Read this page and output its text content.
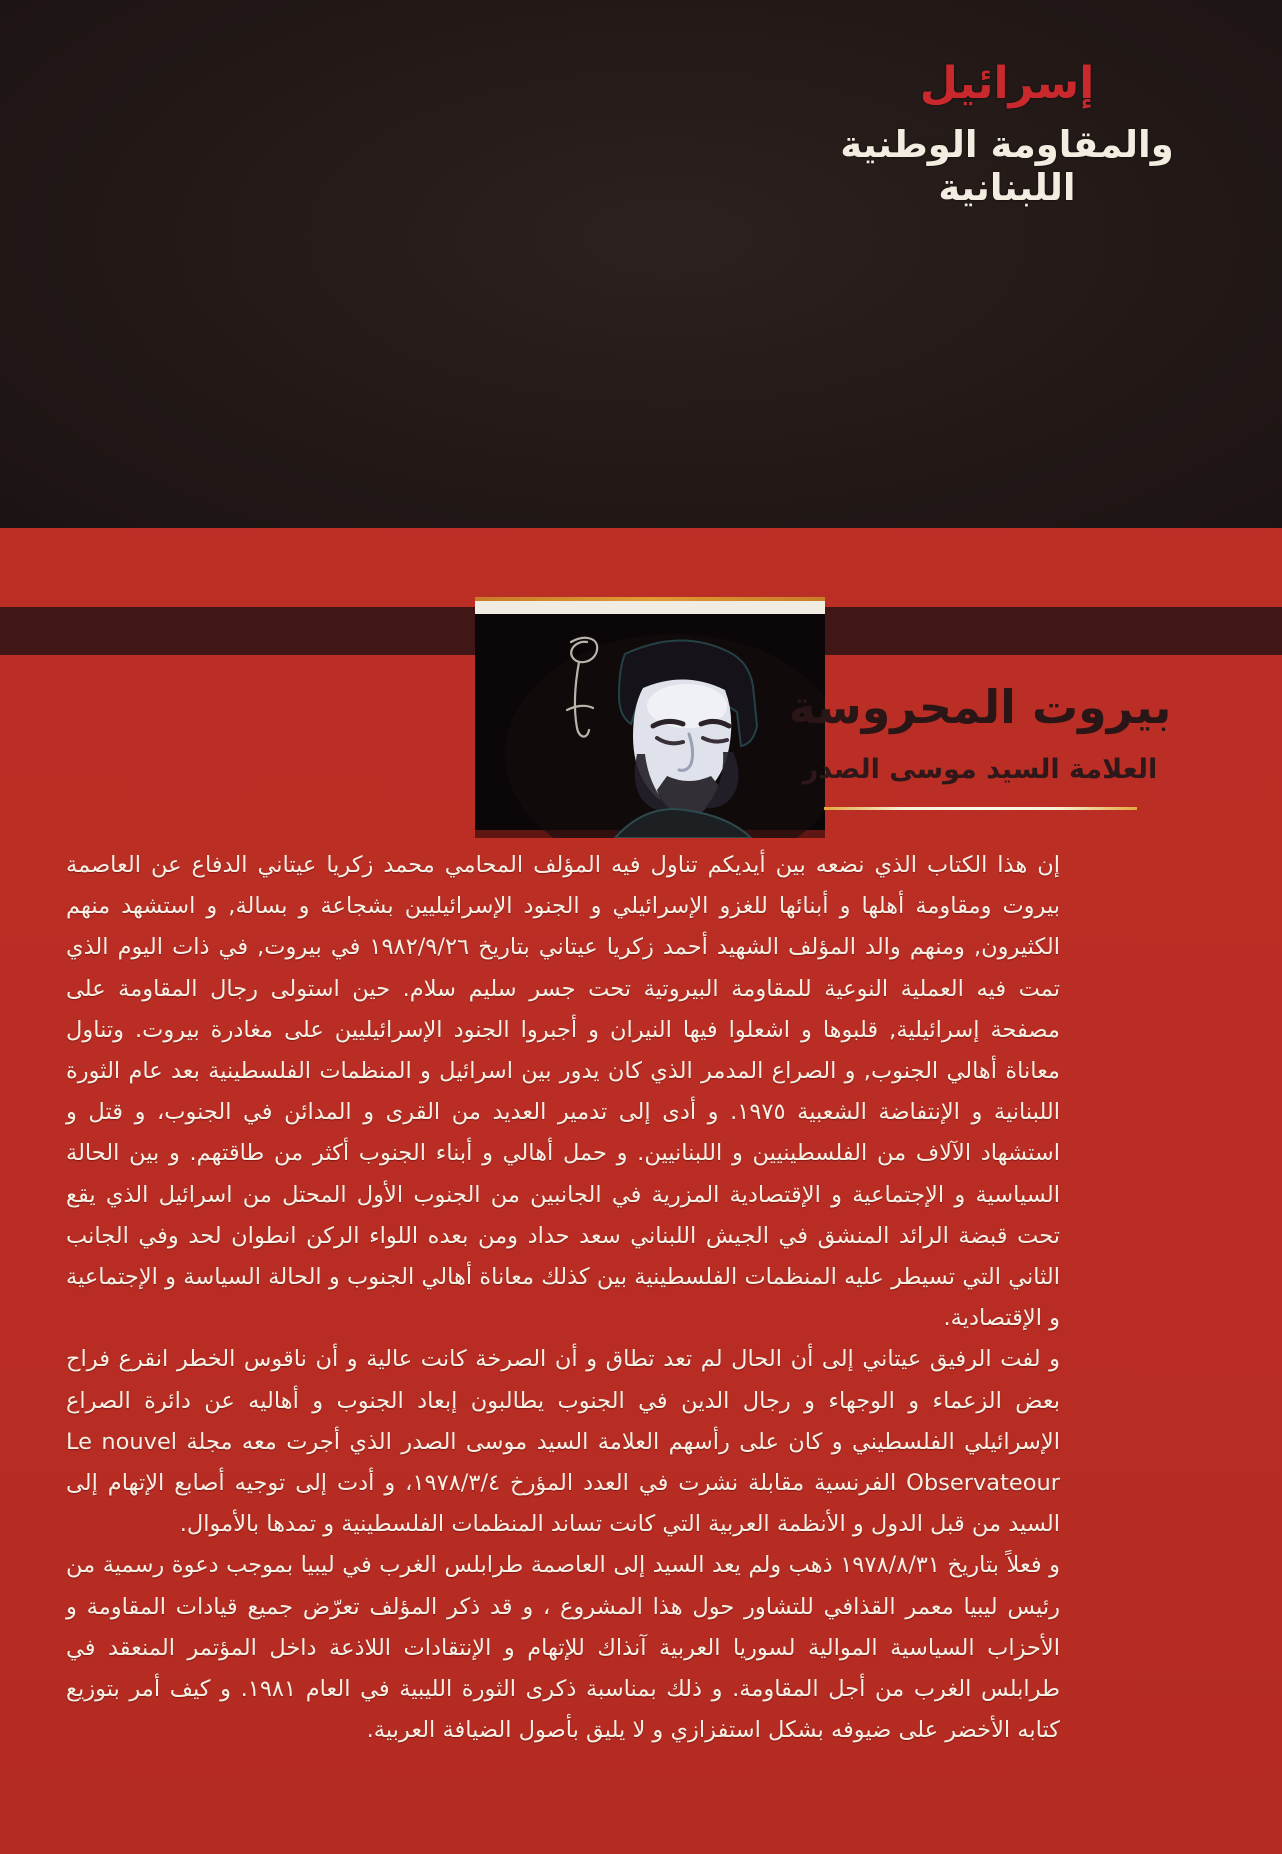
إسرائيل
والمقاومة الوطنية اللبنانية
بيروت المحروسة
العلامة السيد موسى الصدر

إن هذا الكتاب الذي نضعه بين أيديكم تناول فيه المؤلف المحامي محمد زكريا عيتاني الدفاع عن العاصمة بيروت ومقاومة أهلها و أبنائها للغزو الإسرائيلي و الجنود الإسرائيليين بشجاعة و بسالة, و استشهد منهم الكثيرون, ومنهم والد المؤلف الشهيد أحمد زكريا عيتاني بتاريخ ١٩٨٢/٩/٢٦ في بيروت, في ذات اليوم الذي تمت فيه العملية النوعية للمقاومة البيروتية تحت جسر سليم سلام. حين استولى رجال المقاومة على مصفحة إسرائيلية, قلبوها و اشعلوا فيها النيران و أجبروا الجنود الإسرائيليين على مغادرة بيروت. وتناول معاناة أهالي الجنوب, و الصراع المدمر الذي كان يدور بين اسرائيل و المنظمات الفلسطينية بعد عام الثورة اللبنانية و الإنتفاضة الشعبية ١٩٧٥. و أدى إلى تدمير العديد من القرى و المدائن في الجنوب، و قتل و استشهاد الآلاف من الفلسطينيين و اللبنانيين. و حمل أهالي و أبناء الجنوب أكثر من طاقتهم. و بين الحالة السياسية و الإجتماعية و الإقتصادية المزرية في الجانبين من الجنوب الأول المحتل من اسرائيل الذي يقع تحت قبضة الرائد المنشق في الجيش اللبناني سعد حداد ومن بعده اللواء الركن انطوان لحد وفي الجانب الثاني التي تسيطر عليه المنظمات الفلسطينية بين كذلك معاناة أهالي الجنوب و الحالة السياسة و الإجتماعية و الإقتصادية.

و لفت الرفيق عيتاني إلى أن الحال لم تعد تطاق و أن الصرخة كانت عالية و أن ناقوس الخطر انقرع فراح بعض الزعماء و الوجهاء و رجال الدين في الجنوب يطالبون إبعاد الجنوب و أهاليه عن دائرة الصراع الإسرائيلي الفلسطيني و كان على رأسهم العلامة السيد موسى الصدر الذي أجرت معه مجلة Le nouvel Observateour الفرنسية مقابلة نشرت في العدد المؤرخ ١٩٧٨/٣/٤، و أدت إلى توجيه أصابع الإتهام إلى السيد من قبل الدول و الأنظمة العربية التي كانت تساند المنظمات الفلسطينية و تمدها بالأموال.

و فعلاً بتاريخ ١٩٧٨/٨/٣١ ذهب ولم يعد السيد إلى العاصمة طرابلس الغرب في ليبيا بموجب دعوة رسمية من رئيس ليبيا معمر القذافي للتشاور حول هذا المشروع ، و قد ذكر المؤلف تعرّض جميع قيادات المقاومة و الأحزاب السياسية الموالية لسوريا العربية آنذاك للإتهام و الإنتقادات اللاذعة داخل المؤتمر المنعقد في طرابلس الغرب من أجل المقاومة. و ذلك بمناسبة ذكرى الثورة الليبية في العام ١٩٨١. و كيف أمر بتوزيع كتابه الأخضر على ضيوفه بشكل استفزازي و لا يليق بأصول الضيافة العربية.
